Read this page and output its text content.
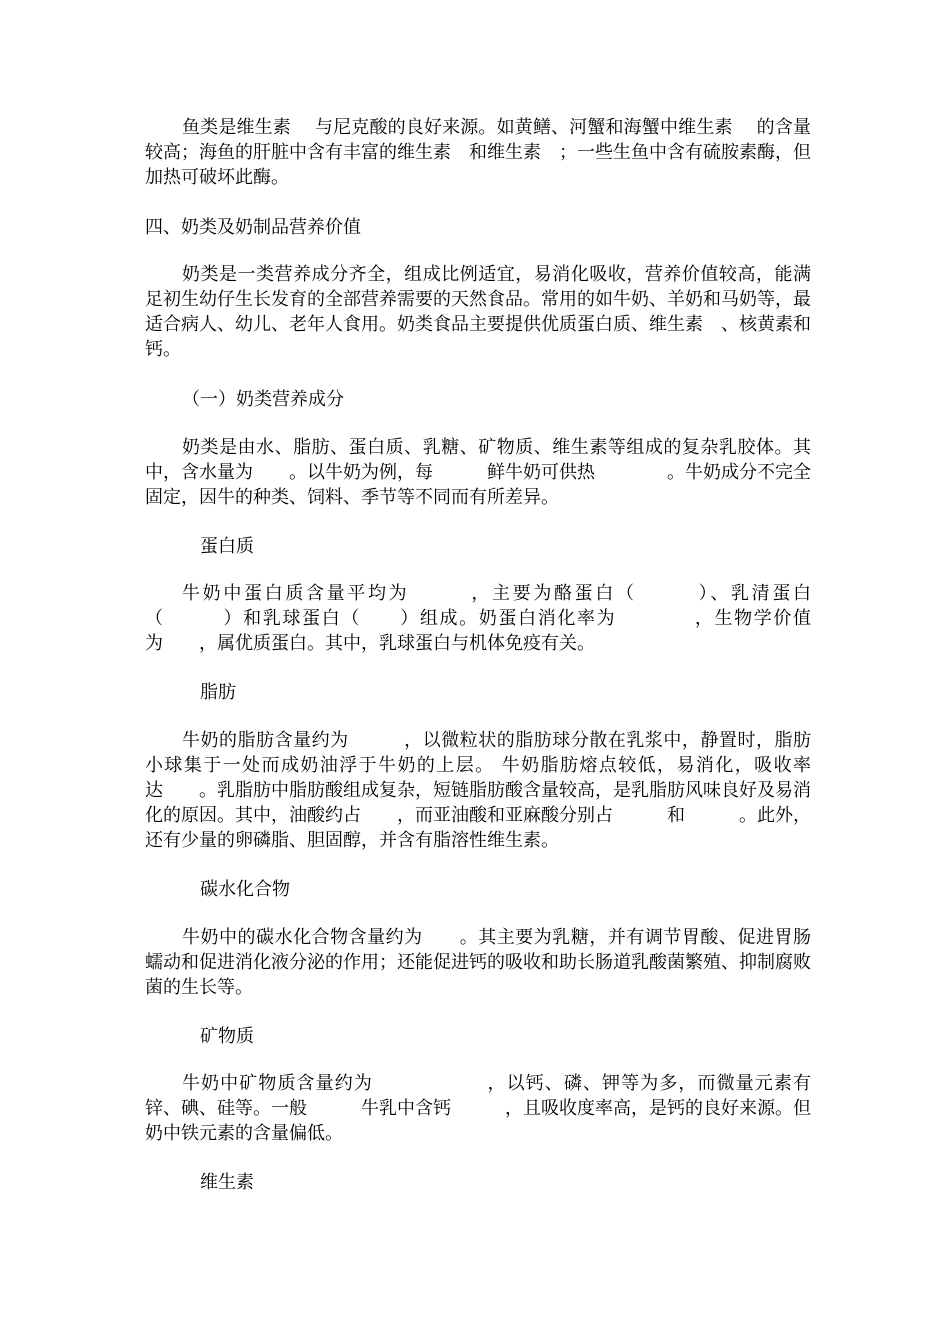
鱼类是维生素　 与尼克酸的良好来源。如黄鳝、河蟹和海蟹中维生素　 的含量较高；海鱼的肝脏中含有丰富的维生素　和维生素　；一些生鱼中含有硫胺素酶，但加热可破坏此酶。

四、奶类及奶制品营养价值

奶类是一类营养成分齐全，组成比例适宜，易消化吸收，营养价值较高，能满足初生幼仔生长发育的全部营养需要的天然食品。常用的如牛奶、羊奶和马奶等，最适合病人、幼儿、老年人食用。奶类食品主要提供优质蛋白质、维生素　、核黄素和钙。

（一）奶类营养成分

奶类是由水、脂肪、蛋白质、乳糖、矿物质、维生素等组成的复杂乳胶体。其中，含水量为　　。以牛奶为例，每　　　鲜牛奶可供热　　　　。牛奶成分不完全固定，因牛的种类、饲料、季节等不同而有所差异。

蛋白质

牛奶中蛋白质含量平均为　　　，主要为酪蛋白（　　　）、乳清蛋白（　　　）和乳球蛋白（　　）组成。奶蛋白消化率为　　　　，生物学价值为　　，属优质蛋白。其中，乳球蛋白与机体免疫有关。

脂肪

牛奶的脂肪含量约为　　　，以微粒状的脂肪球分散在乳浆中，静置时，脂肪小球集于一处而成奶油浮于牛奶的上层。 牛奶脂肪熔点较低，易消化，吸收率达　　。乳脂肪中脂肪酸组成复杂，短链脂肪酸含量较高，是乳脂肪风味良好及易消化的原因。其中，油酸约占　　，而亚油酸和亚麻酸分别占　　　和　　　。此外，还有少量的卵磷脂、胆固醇，并含有脂溶性维生素。

碳水化合物

牛奶中的碳水化合物含量约为　　。其主要为乳糖，并有调节胃酸、促进胃肠蠕动和促进消化液分泌的作用；还能促进钙的吸收和助长肠道乳酸菌繁殖、抑制腐败菌的生长等。

矿物质

牛奶中矿物质含量约为　　　　　　，以钙、磷、钾等为多，而微量元素有锌、碘、硅等。一般　　　牛乳中含钙　　　，且吸收度率高，是钙的良好来源。但奶中铁元素的含量偏低。

维生素
